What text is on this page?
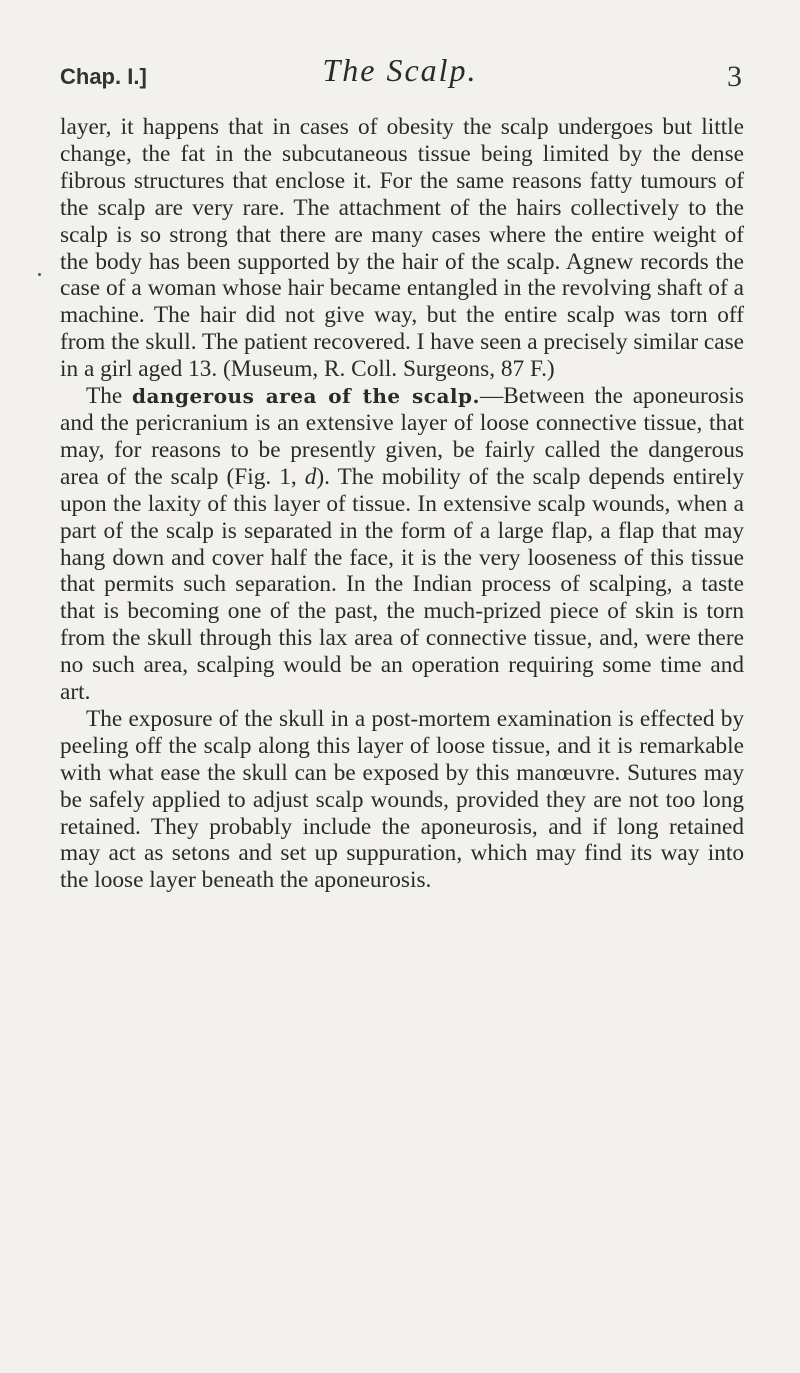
Chap. I.]	The Scalp.	3

layer, it happens that in cases of obesity the scalp undergoes but little change, the fat in the subcutaneous tissue being limited by the dense fibrous structures that enclose it. For the same reasons fatty tumours of the scalp are very rare. The attachment of the hairs collectively to the scalp is so strong that there are many cases where the entire weight of the body has been supported by the hair of the scalp. Agnew records the case of a woman whose hair became entangled in the revolving shaft of a machine. The hair did not give way, but the entire scalp was torn off from the skull. The patient recovered. I have seen a precisely similar case in a girl aged 13. (Museum, R. Coll. Surgeons, 87 F.)

The dangerous area of the scalp.—Between the aponeurosis and the pericranium is an extensive layer of loose connective tissue, that may, for reasons to be presently given, be fairly called the dangerous area of the scalp (Fig. 1, d). The mobility of the scalp depends entirely upon the laxity of this layer of tissue. In extensive scalp wounds, when a part of the scalp is separated in the form of a large flap, a flap that may hang down and cover half the face, it is the very looseness of this tissue that permits such separation. In the Indian process of scalping, a taste that is becoming one of the past, the much-prized piece of skin is torn from the skull through this lax area of connective tissue, and, were there no such area, scalping would be an operation requiring some time and art.

The exposure of the skull in a post-mortem examination is effected by peeling off the scalp along this layer of loose tissue, and it is remarkable with what ease the skull can be exposed by this manœuvre. Sutures may be safely applied to adjust scalp wounds, provided they are not too long retained. They probably include the aponeurosis, and if long retained may act as setons and set up suppuration, which may find its way into the loose layer beneath the aponeurosis.
